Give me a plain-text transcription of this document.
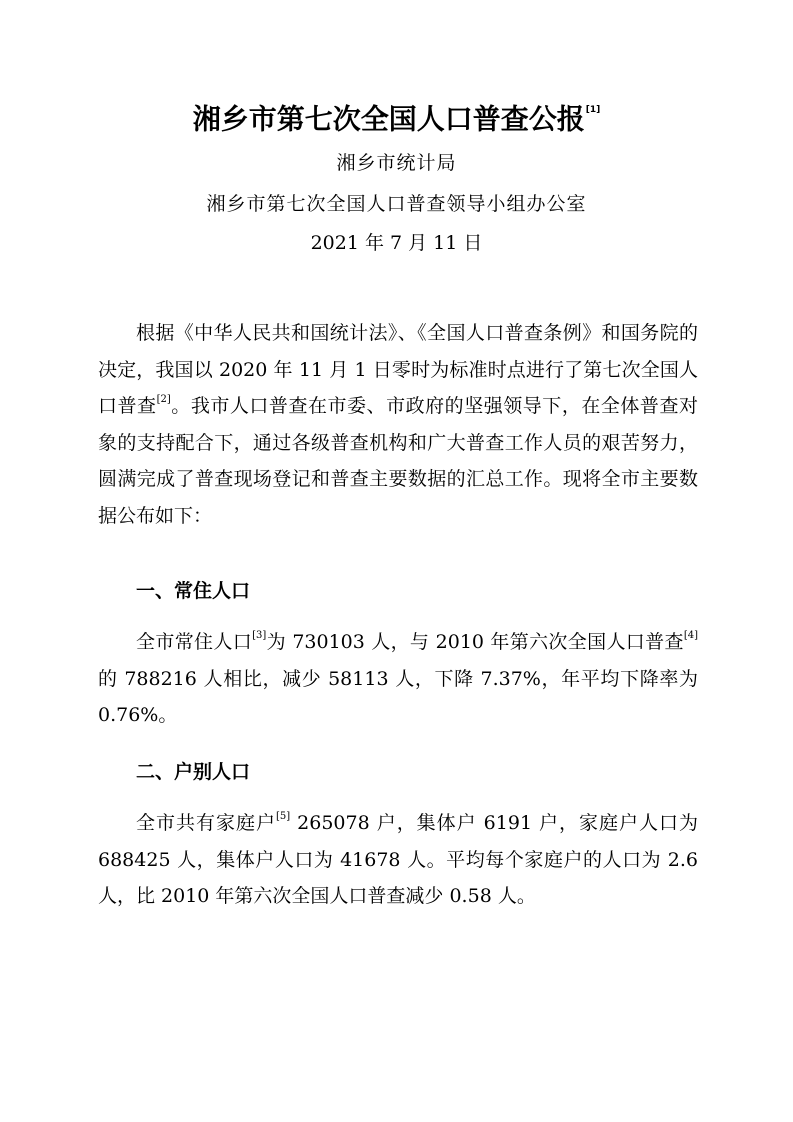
湘乡市第七次全国人口普查公报[1]
湘乡市统计局
湘乡市第七次全国人口普查领导小组办公室
2021 年 7 月 11 日
根据《中华人民共和国统计法》、《全国人口普查条例》和国务院的决定，我国以 2020 年 11 月 1 日零时为标准时点进行了第七次全国人口普查[2]。我市人口普查在市委、市政府的坚强领导下，在全体普查对象的支持配合下，通过各级普查机构和广大普查工作人员的艰苦努力，圆满完成了普查现场登记和普查主要数据的汇总工作。现将全市主要数据公布如下：
一、常住人口
全市常住人口[3]为 730103 人，与 2010 年第六次全国人口普查[4]的 788216 人相比，减少 58113 人，下降 7.37%，年平均下降率为 0.76%。
二、户别人口
全市共有家庭户[5] 265078 户，集体户 6191 户，家庭户人口为 688425 人，集体户人口为 41678 人。平均每个家庭户的人口为 2.6 人，比 2010 年第六次全国人口普查减少 0.58 人。
